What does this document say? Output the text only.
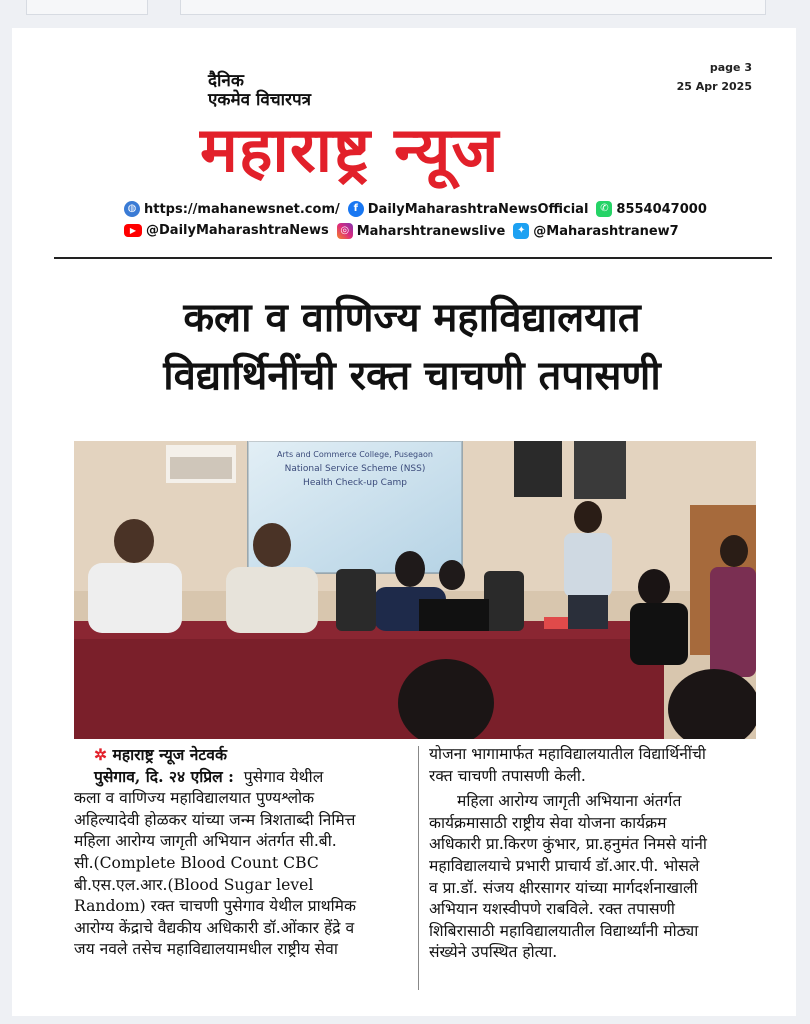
page 3
25 Apr 2025
दैनिक
एकमेव विचारपत्र
महाराष्ट्र न्यूज
◍ https://mahanewsnet.com/	f DailyMaharashtraNewsOfficial	✆ 8554047000
▶ @DailyMaharashtraNews	◎ Maharshtranewslive	✦ @Maharashtranew7
कला व वाणिज्य महाविद्यालयात
विद्यार्थिनींची रक्त चाचणी तपासणी
Arts and Commerce College, Pusegaon
National Service Scheme (NSS)
Health Check-up Camp

✲ महाराष्ट्र न्यूज नेटवर्क

पुसेगाव, दि. २४ एप्रिल : पुसेगाव येथील

कला व वाणिज्य महाविद्यालयात पुण्यश्लोक

अहिल्यादेवी होळकर यांच्या जन्म त्रिशताब्दी निमित्त

महिला आरोग्य जागृती अभियान अंतर्गत सी.बी.

सी.(Complete Blood Count CBC

बी.एस.एल.आर.(Blood Sugar level

Random) रक्त चाचणी पुसेगाव येथील प्राथमिक

आरोग्य केंद्राचे वैद्यकीय अधिकारी डॉ.ओंकार हेंद्रे व

जय नवले तसेच महाविद्यालयामधील राष्ट्रीय सेवा

योजना भागामार्फत महाविद्यालयातील विद्यार्थिनींची

रक्त चाचणी तपासणी केली.

महिला आरोग्य जागृती अभियाना अंतर्गत

कार्यक्रमासाठी राष्ट्रीय सेवा योजना कार्यक्रम

अधिकारी प्रा.किरण कुंभार, प्रा.हनुमंत निमसे यांनी

महाविद्यालयाचे प्रभारी प्राचार्य डॉ.आर.पी. भोसले

व प्रा.डॉ. संजय क्षीरसागर यांच्या मार्गदर्शनाखाली

अभियान यशस्वीपणे राबविले. रक्त तपासणी

शिबिरासाठी महाविद्यालयातील विद्यार्थ्यांनी मोठ्या

संख्येने उपस्थित होत्या.
